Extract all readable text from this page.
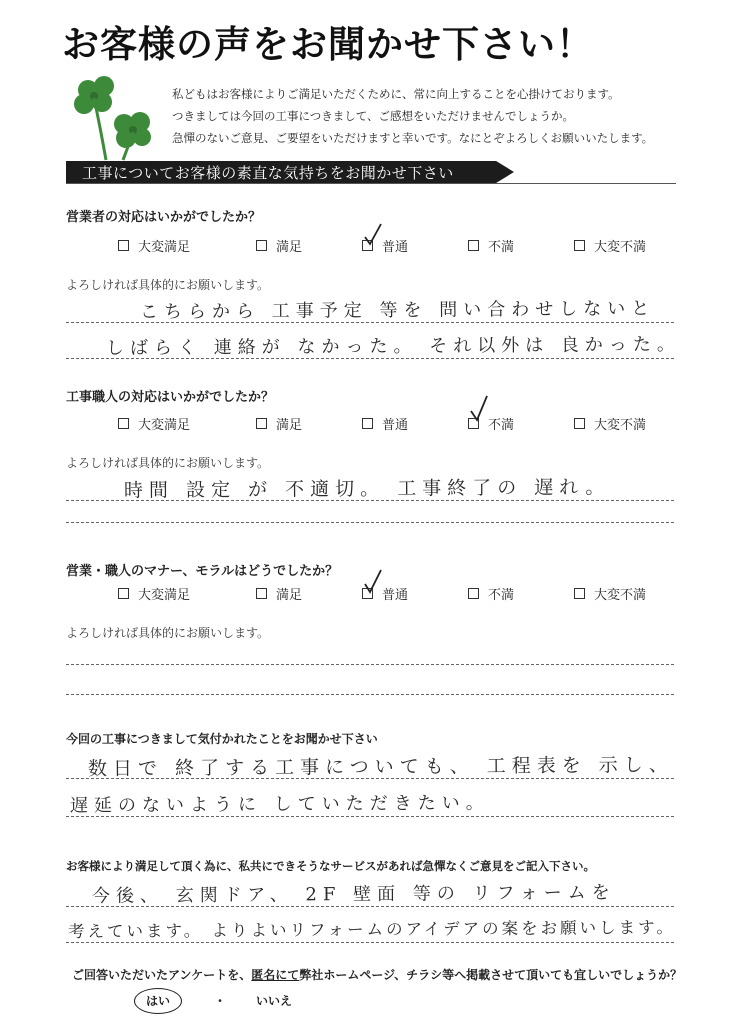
お客様の声をお聞かせ下さい！
私どもはお客様によりご満足いただくために、常に向上することを心掛けております。
つきましては今回の工事につきまして、ご感想をいただけませんでしょうか。
急憚のないご意見、ご要望をいただけますと幸いです。なにとぞよろしくお願いいたします。
工事についてお客様の素直な気持ちをお聞かせ下さい
営業者の対応はいかがでしたか？
大変満足	満足	普通	不満	大変不満
よろしければ具体的にお願いします。
こちらから 工事予定 等を 問い合わせしないと
しばらく 連絡が なかった。 それ以外は 良かった。
工事職人の対応はいかがでしたか？
大変満足	満足	普通	不満	大変不満
よろしければ具体的にお願いします。
時間 設定 が 不適切。 工事終了の 遅れ。
営業・職人のマナー、モラルはどうでしたか？
大変満足	満足	普通	不満	大変不満
よろしければ具体的にお願いします。
今回の工事につきまして気付かれたことをお聞かせ下さい
数日で 終了する工事についても、 工程表を 示し、
遅延のないように していただきたい。
お客様により満足して頂く為に、私共にできそうなサービスがあれば急憚なくご意見をご記入下さい。
今後、 玄関ドア、 2F 壁面 等の リフォームを
考えています。 よりよいリフォームのアイデアの案をお願いします。
ご回答いただいたアンケートを、匿名にて弊社ホームページ、チラシ等へ掲載させて頂いても宜しいでしょうか？
はい	・ いいえ
